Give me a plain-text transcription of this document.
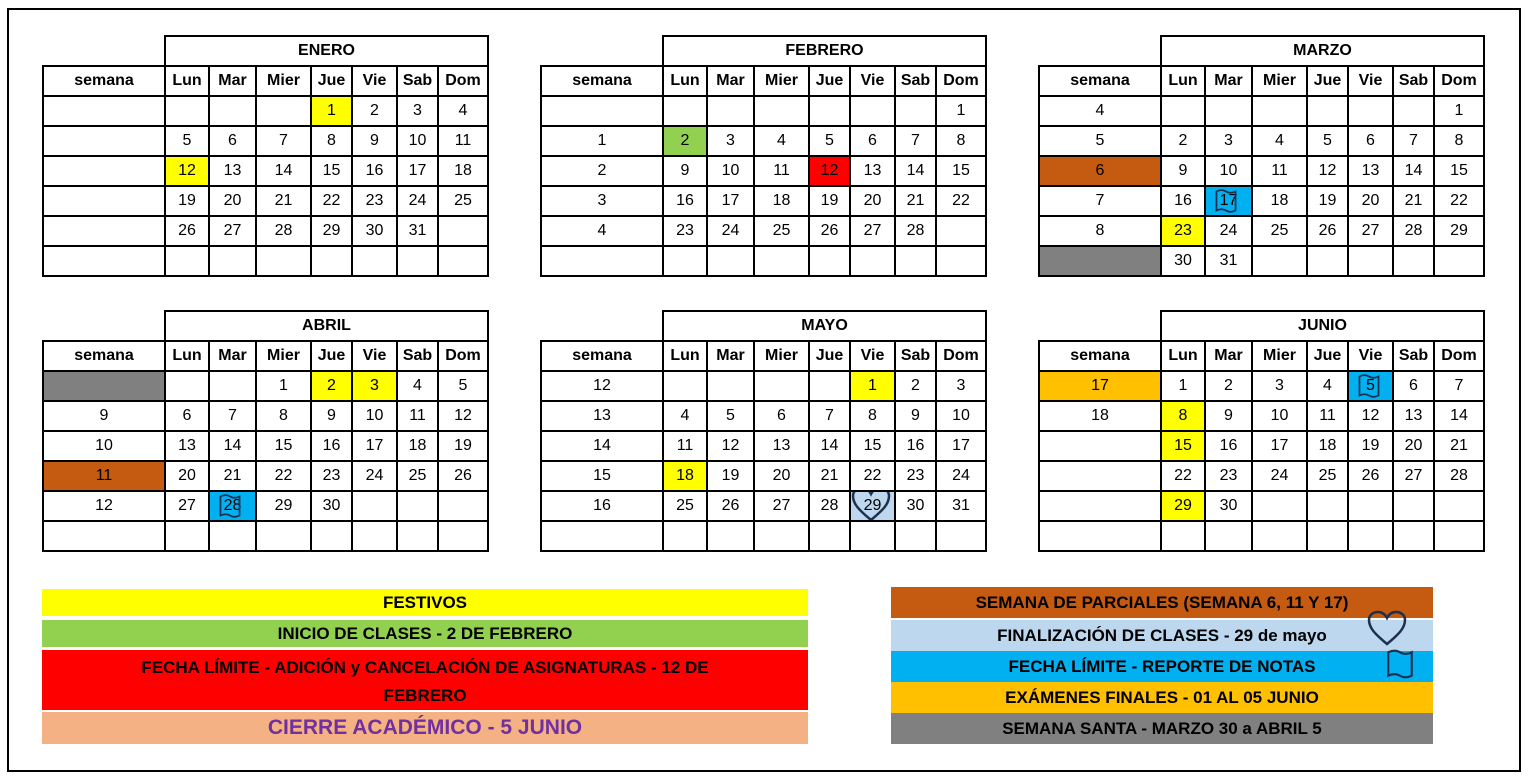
	ENERO						
semana	Lun	Mar	Mier	Jue	Vie	Sab	Dom
				1	2	3	4
	5	6	7	8	9	10	11
	12	13	14	15	16	17	18
	19	20	21	22	23	24	25
	26	27	28	29	30	31	

	FEBRERO						
semana	Lun	Mar	Mier	Jue	Vie	Sab	Dom
							1
1	2	3	4	5	6	7	8
2	9	10	11	12	13	14	15
3	16	17	18	19	20	21	22
4	23	24	25	26	27	28	

	MARZO						
semana	Lun	Mar	Mier	Jue	Vie	Sab	Dom
4							1
5	2	3	4	5	6	7	8
6	9	10	11	12	13	14	15
7	16	17	18	19	20	21	22
8	23	24	25	26	27	28	29
	30	31					
	ABRIL						
semana	Lun	Mar	Mier	Jue	Vie	Sab	Dom
			1	2	3	4	5
9	6	7	8	9	10	11	12
10	13	14	15	16	17	18	19
11	20	21	22	23	24	25	26
12	27	28	29	30			

	MAYO						
semana	Lun	Mar	Mier	Jue	Vie	Sab	Dom
12					1	2	3
13	4	5	6	7	8	9	10
14	11	12	13	14	15	16	17
15	18	19	20	21	22	23	24
16	25	26	27	28	29	30	31

	JUNIO						
semana	Lun	Mar	Mier	Jue	Vie	Sab	Dom
17	1	2	3	4	5	6	7
18	8	9	10	11	12	13	14
	15	16	17	18	19	20	21
	22	23	24	25	26	27	28
	29	30					

FESTIVOS
INICIO DE CLASES - 2 DE FEBRERO
FECHA LÍMITE - ADICIÓN y CANCELACIÓN DE ASIGNATURAS - 12 DE FEBRERO
CIERRE ACADÉMICO - 5 JUNIO
SEMANA DE PARCIALES (SEMANA 6, 11 Y 17)
FINALIZACIÓN DE CLASES - 29 de mayo
FECHA LÍMITE - REPORTE DE NOTAS
EXÁMENES FINALES - 01 AL 05 JUNIO
SEMANA SANTA - MARZO 30 a ABRIL 5
